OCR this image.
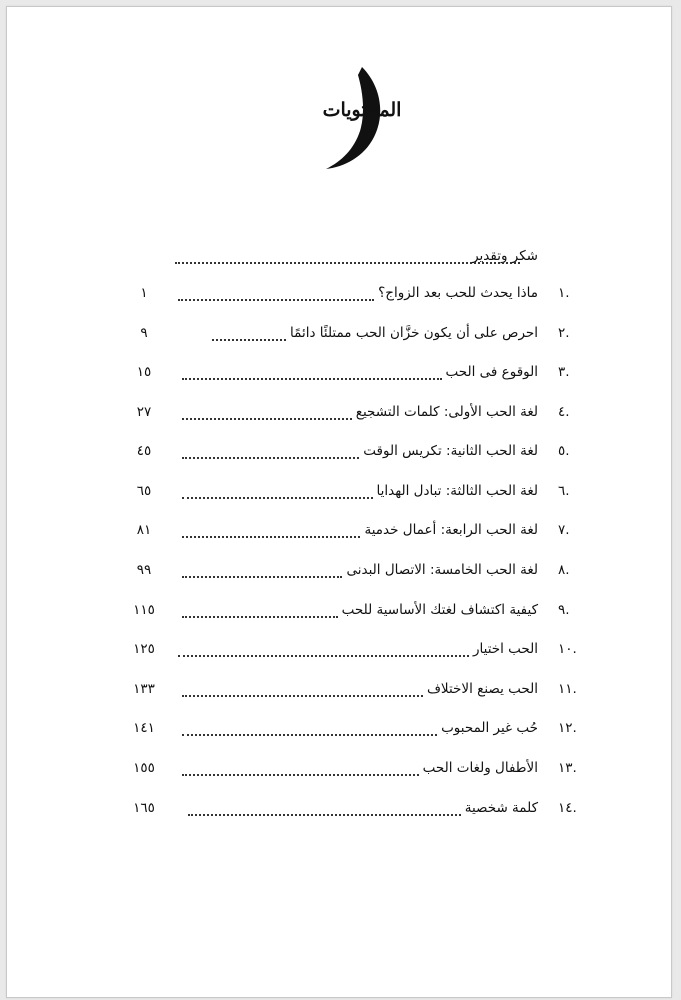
المحتويات
شكر وتقدير
.١
ماذا يحدث للحب بعد الزواج؟
١
.٢
احرص على أن يكون خزَّان الحب ممتلئًا دائمًا
٩
.٣
الوقوع فى الحب
١٥
.٤
لغة الحب الأولى: كلمات التشجيع
٢٧
.٥
لغة الحب الثانية: تكريس الوقت
٤٥
.٦
لغة الحب الثالثة: تبادل الهدايا
٦٥
.٧
لغة الحب الرابعة: أعمال خدمية
٨١
.٨
لغة الحب الخامسة: الاتصال البدنى
٩٩
.٩
كيفية اكتشاف لغتك الأساسية للحب
١١٥
.١٠
الحب اختيار
١٢٥
.١١
الحب يصنع الاختلاف
١٣٣
.١٢
حُب غير المحبوب
١٤١
.١٣
الأطفال ولغات الحب
١٥٥
.١٤
كلمة شخصية
١٦٥
